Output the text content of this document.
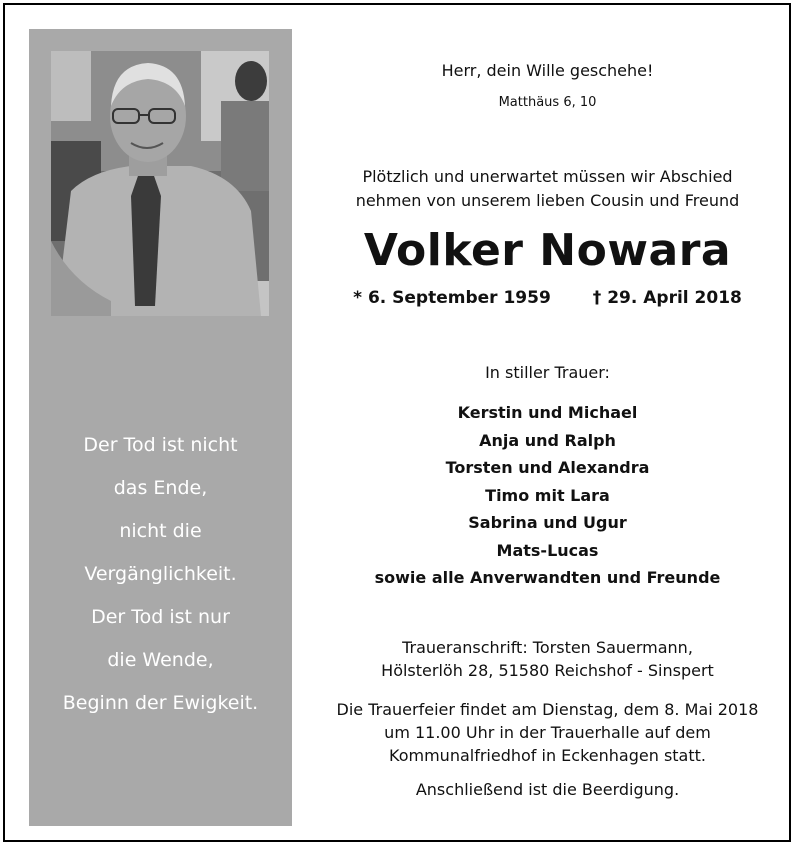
Der Tod ist nicht
das Ende,
nicht die
Vergänglichkeit.
Der Tod ist nur
die Wende,
Beginn der Ewigkeit.
Herr, dein Wille geschehe!
Matthäus 6, 10
Plötzlich und unerwartet müssen wir Abschied
nehmen von unserem lieben Cousin und Freund
Volker Nowara
* 6. September 1959 † 29. April 2018
In stiller Trauer:
Kerstin und Michael
Anja und Ralph
Torsten und Alexandra
Timo mit Lara
Sabrina und Ugur
Mats-Lucas
sowie alle Anverwandten und Freunde
Traueranschrift: Torsten Sauermann,
Hölsterlöh 28, 51580 Reichshof - Sinspert
Die Trauerfeier findet am Dienstag, dem 8. Mai 2018
um 11.00 Uhr in der Trauerhalle auf dem
Kommunalfriedhof in Eckenhagen statt.
Anschließend ist die Beerdigung.
